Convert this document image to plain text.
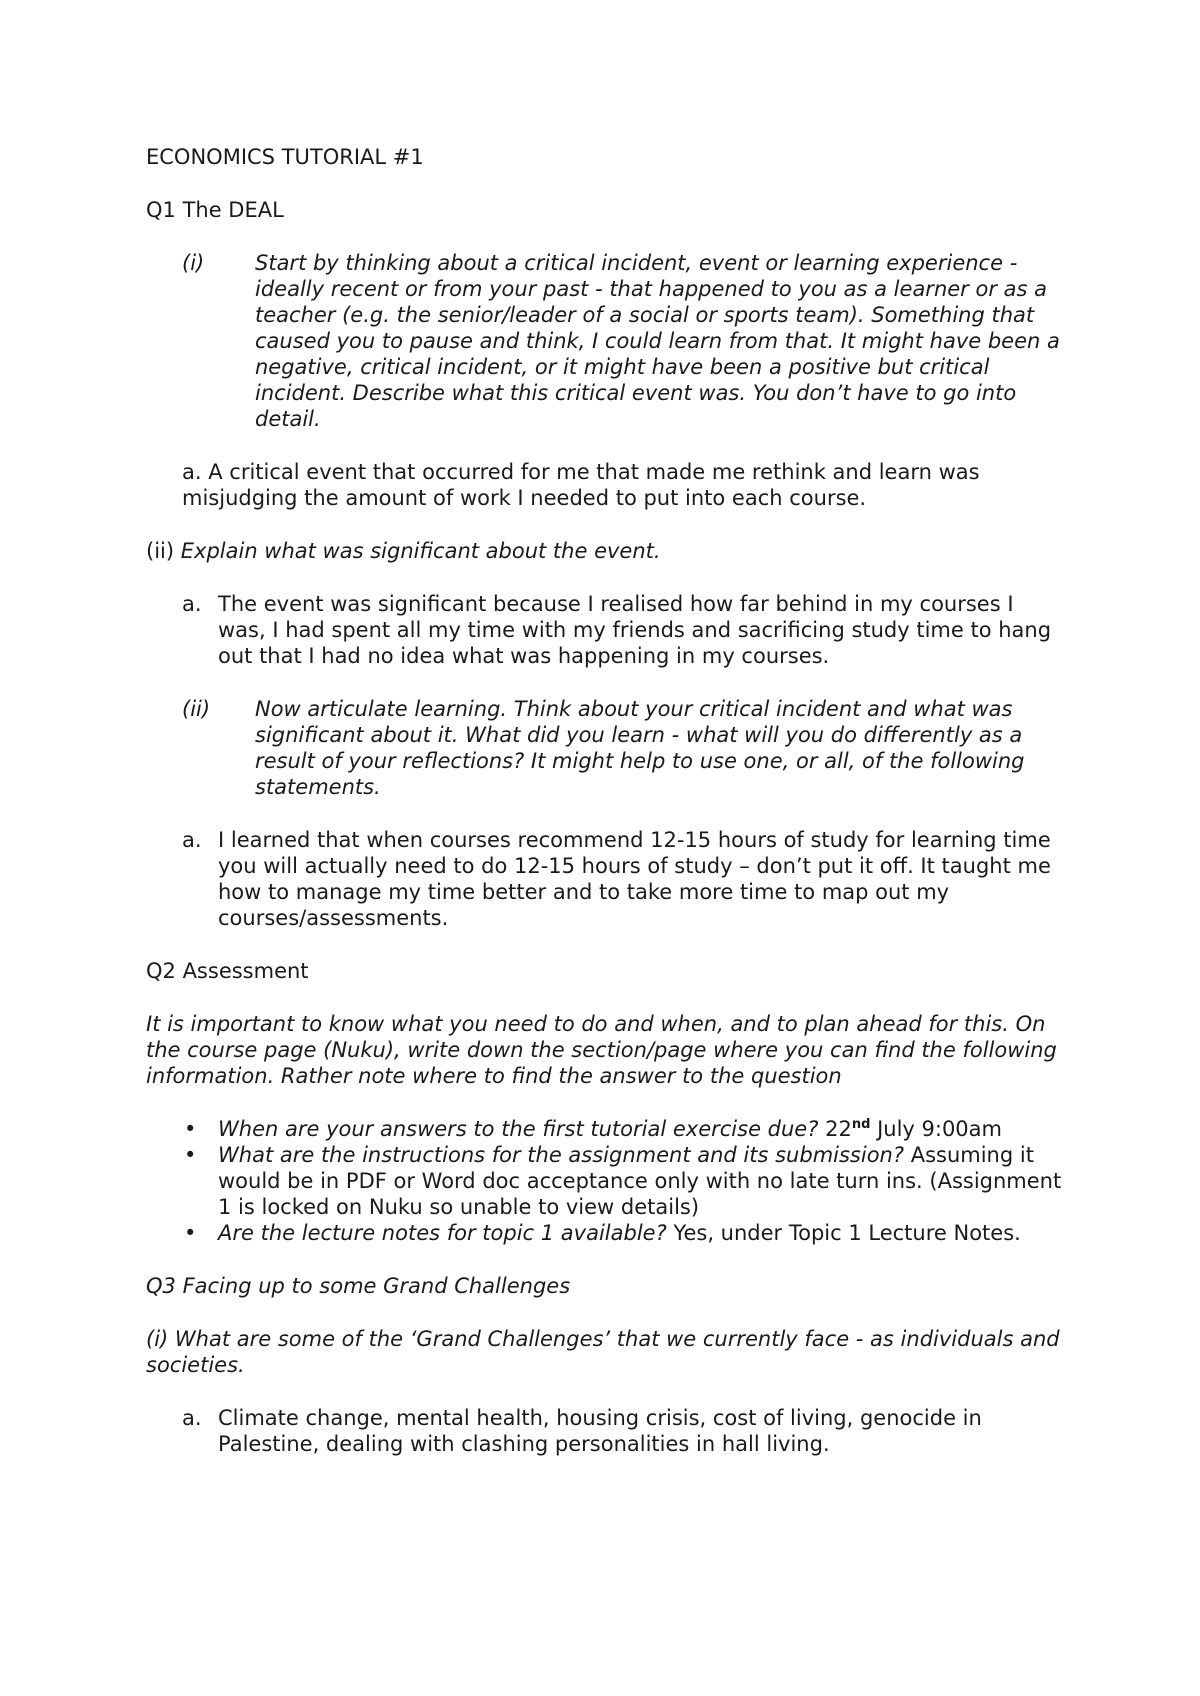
ECONOMICS TUTORIAL #1

Q1 The DEAL

(i)	Start by thinking about a critical incident, event or learning experience - ideally recent or from your past - that happened to you as a learner or as a teacher (e.g. the senior/leader of a social or sports team). Something that caused you to pause and think, I could learn from that. It might have been a negative, critical incident, or it might have been a positive but critical incident. Describe what this critical event was. You don’t have to go into detail.

a. A critical event that occurred for me that made me rethink and learn was misjudging the amount of work I needed to put into each course.

(ii) Explain what was significant about the event.

a. The event was significant because I realised how far behind in my courses I was, I had spent all my time with my friends and sacrificing study time to hang out that I had no idea what was happening in my courses.
(ii)	Now articulate learning. Think about your critical incident and what was significant about it. What did you learn - what will you do differently as a result of your reflections? It might help to use one, or all, of the following statements.
a. I learned that when courses recommend 12-15 hours of study for learning time you will actually need to do 12-15 hours of study – don’t put it off. It taught me how to manage my time better and to take more time to map out my courses/assessments.

Q2 Assessment

It is important to know what you need to do and when, and to plan ahead for this. On the course page (Nuku), write down the section/page where you can find the following information. Rather note where to find the answer to the question

•	When are your answers to the first tutorial exercise due? 22nd July 9:00am
•	What are the instructions for the assignment and its submission? Assuming it would be in PDF or Word doc acceptance only with no late turn ins. (Assignment 1 is locked on Nuku so unable to view details)
•	Are the lecture notes for topic 1 available? Yes, under Topic 1 Lecture Notes.

Q3 Facing up to some Grand Challenges

(i) What are some of the ‘Grand Challenges’ that we currently face - as individuals and societies.

a. Climate change, mental health, housing crisis, cost of living, genocide in Palestine, dealing with clashing personalities in hall living.
